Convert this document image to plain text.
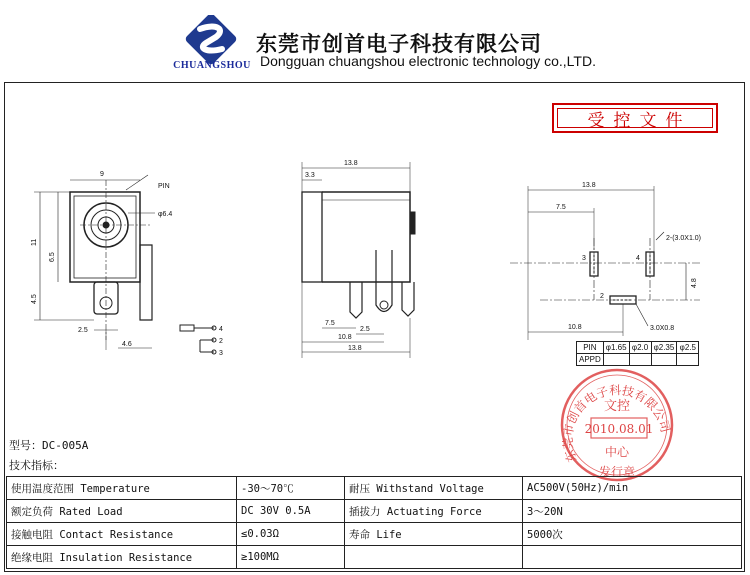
CHUANGSHOU
东莞市创首电子科技有限公司
Dongguan chuangshou electronic technology co.,LTD.
受控文件
9
11
6.5
4.5
PIN
φ6.4
2.5
4.6
4
2
3
13.8
3.3
7.5
2.5
10.8
13.8
13.8
7.5
2-(3.0X1.0)
3	4
2
4.8
10.8	3.0X0.8
东莞市创首电子科技有限公司
文控
2010.08.01
中心
发行章
PIN	φ1.65	φ2.0	φ2.35	φ2.5
APPD				
型号：DC-005A
技术指标：
使用温度范围 Temperature	-30～70℃	耐压 Withstand Voltage	AC500V(50Hz)/min
额定负荷 Rated Load	DC 30V 0.5A	插拔力 Actuating Force	3～20N
接触电阻 Contact Resistance	≤0.03Ω	寿命 Life	5000次
绝缘电阻 Insulation Resistance	≥100MΩ		
